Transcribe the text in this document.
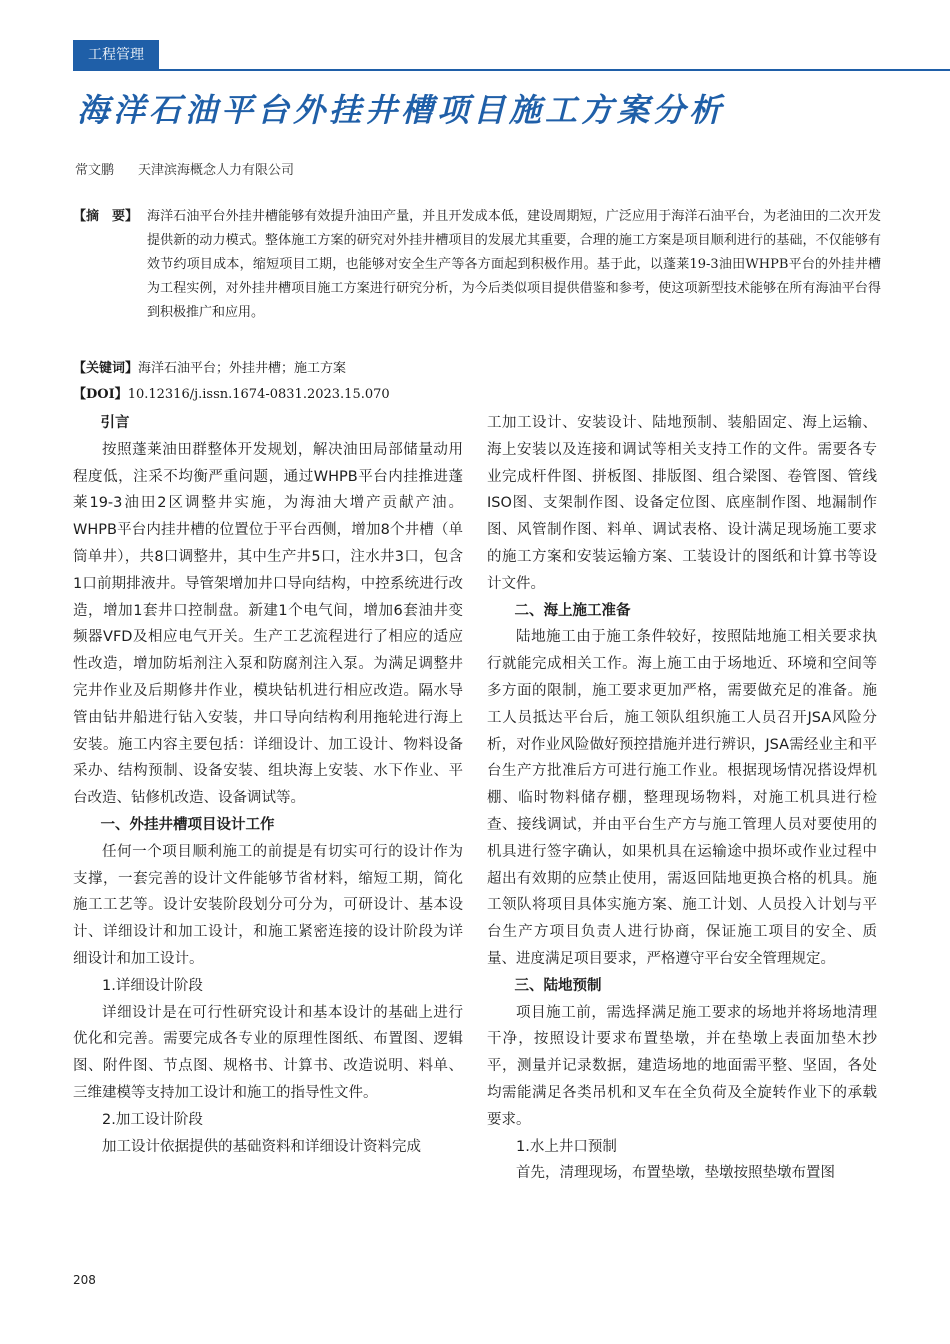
工程管理
海洋石油平台外挂井槽项目施工方案分析
常文鹏 天津滨海概念人力有限公司
【摘　要】 海洋石油平台外挂井槽能够有效提升油田产量，并且开发成本低，建设周期短，广泛应用于海洋石油平台，为老油田的二次开发提供新的动力模式。整体施工方案的研究对外挂井槽项目的发展尤其重要，合理的施工方案是项目顺利进行的基础，不仅能够有效节约项目成本，缩短项目工期，也能够对安全生产等各方面起到积极作用。基于此，以蓬莱19-3油田WHPB平台的外挂井槽为工程实例，对外挂井槽项目施工方案进行研究分析，为今后类似项目提供借鉴和参考，使这项新型技术能够在所有海油平台得到积极推广和应用。
【关键词】海洋石油平台；外挂井槽；施工方案
【DOI】10.12316/j.issn.1674-0831.2023.15.070
引言

按照蓬莱油田群整体开发规划，解决油田局部储量动用程度低，注采不均衡严重问题，通过WHPB平台内挂推进蓬莱19-3油田2区调整井实施，为海油大增产贡献产油。WHPB平台内挂井槽的位置位于平台西侧，增加8个井槽（单筒单井），共8口调整井，其中生产井5口，注水井3口，包含1口前期排液井。导管架增加井口导向结构，中控系统进行改造，增加1套井口控制盘。新建1个电气间，增加6套油井变频器VFD及相应电气开关。生产工艺流程进行了相应的适应性改造，增加防垢剂注入泵和防腐剂注入泵。为满足调整井完井作业及后期修井作业，模块钻机进行相应改造。隔水导管由钻井船进行钻入安装，井口导向结构利用拖轮进行海上安装。施工内容主要包括：详细设计、加工设计、物料设备采办、结构预制、设备安装、组块海上安装、水下作业、平台改造、钻修机改造、设备调试等。

一、外挂井槽项目设计工作

任何一个项目顺利施工的前提是有切实可行的设计作为支撑，一套完善的设计文件能够节省材料，缩短工期，简化施工工艺等。设计安装阶段划分可分为，可研设计、基本设计、详细设计和加工设计，和施工紧密连接的设计阶段为详细设计和加工设计。

1.详细设计阶段

详细设计是在可行性研究设计和基本设计的基础上进行优化和完善。需要完成各专业的原理性图纸、布置图、逻辑图、附件图、节点图、规格书、计算书、改造说明、料单、三维建模等支持加工设计和施工的指导性文件。

2.加工设计阶段

加工设计依据提供的基础资料和详细设计资料完成

工加工设计、安装设计、陆地预制、装船固定、海上运输、海上安装以及连接和调试等相关支持工作的文件。需要各专业完成杆件图、拼板图、排版图、组合梁图、卷管图、管线ISO图、支架制作图、设备定位图、底座制作图、地漏制作图、风管制作图、料单、调试表格、设计满足现场施工要求的施工方案和安装运输方案、工装设计的图纸和计算书等设计文件。

二、海上施工准备

陆地施工由于施工条件较好，按照陆地施工相关要求执行就能完成相关工作。海上施工由于场地近、环境和空间等多方面的限制，施工要求更加严格，需要做充足的准备。施工人员抵达平台后，施工领队组织施工人员召开JSA风险分析，对作业风险做好预控措施并进行辨识，JSA需经业主和平台生产方批准后方可进行施工作业。根据现场情况搭设焊机棚、临时物料储存棚，整理现场物料，对施工机具进行检查、接线调试，并由平台生产方与施工管理人员对要使用的机具进行签字确认，如果机具在运输途中损坏或作业过程中超出有效期的应禁止使用，需返回陆地更换合格的机具。施工领队将项目具体实施方案、施工计划、人员投入计划与平台生产方项目负责人进行协商，保证施工项目的安全、质量、进度满足项目要求，严格遵守平台安全管理规定。

三、陆地预制

项目施工前，需选择满足施工要求的场地并将场地清理干净，按照设计要求布置垫墩，并在垫墩上表面加垫木抄平，测量并记录数据，建造场地的地面需平整、坚固，各处均需能满足各类吊机和叉车在全负荷及全旋转作业下的承载要求。

1.水上井口预制

首先，清理现场，布置垫墩，垫墩按照垫墩布置图

208
